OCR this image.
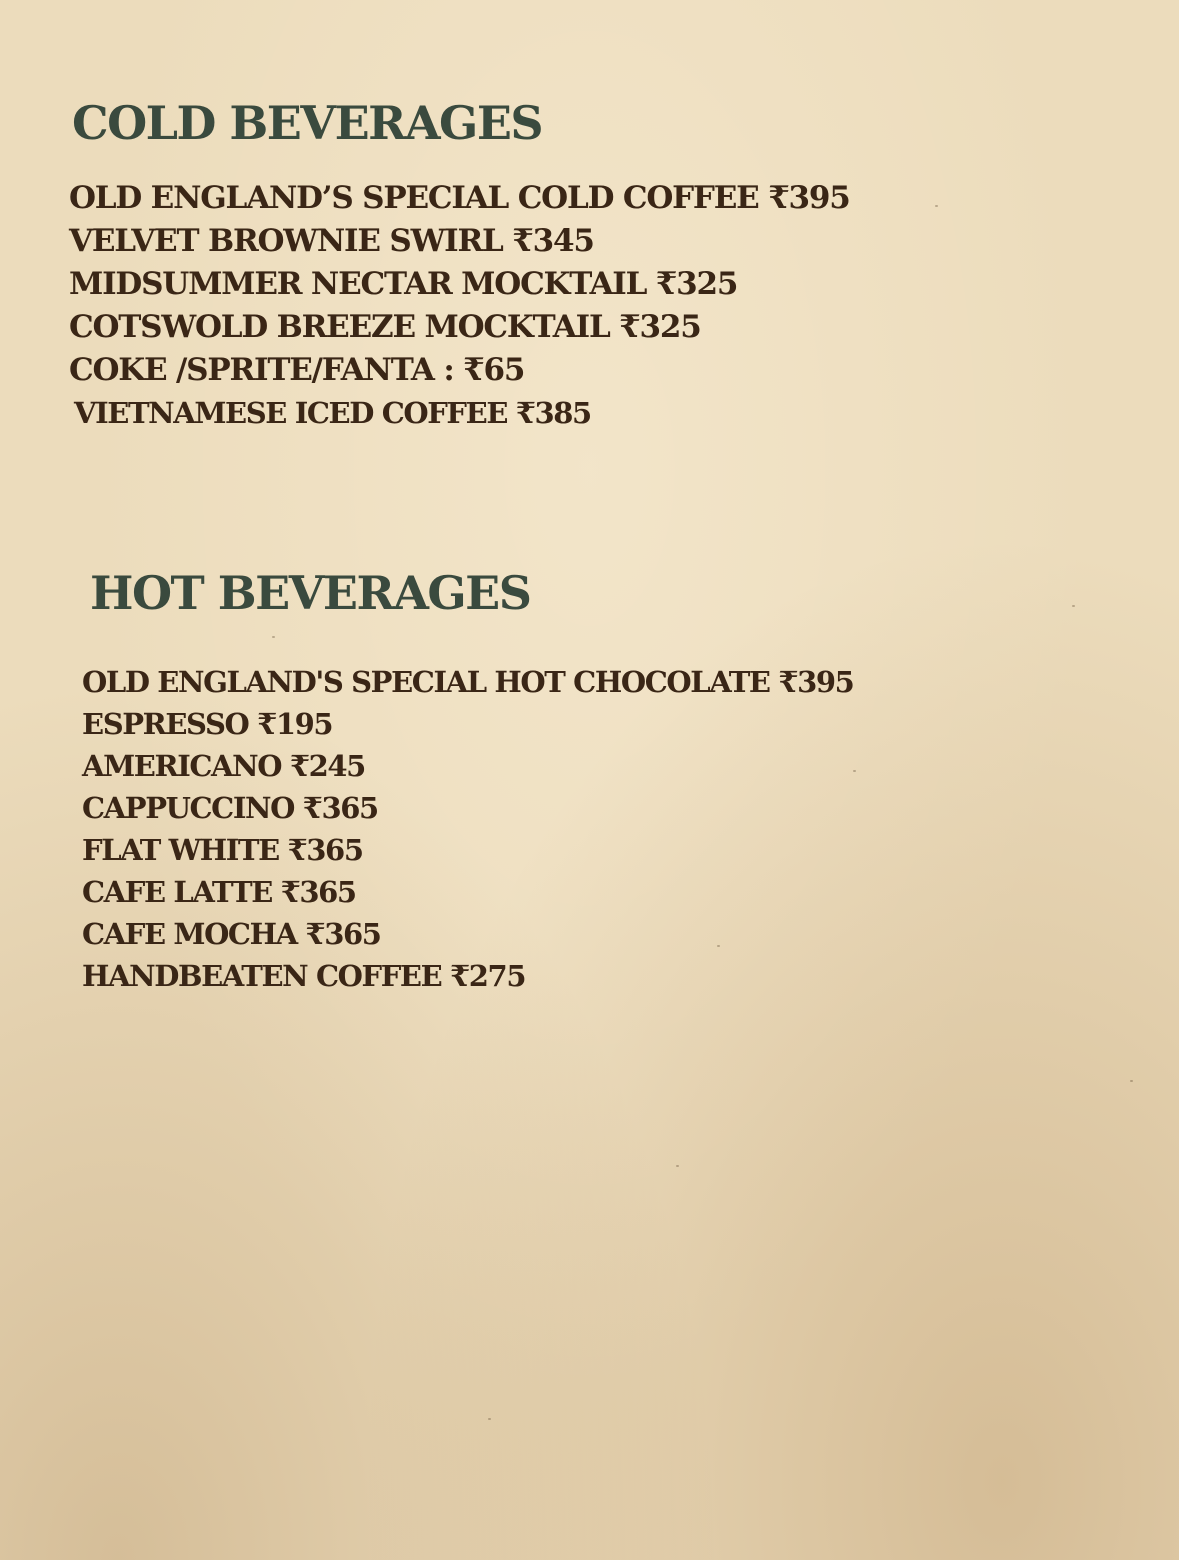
COLD BEVERAGES
OLD ENGLAND’S SPECIAL COLD COFFEE ₹395
VELVET BROWNIE SWIRL ₹345
MIDSUMMER NECTAR MOCKTAIL ₹325
COTSWOLD BREEZE MOCKTAIL ₹325
COKE /SPRITE/FANTA : ₹65
VIETNAMESE ICED COFFEE ₹385
HOT BEVERAGES
OLD ENGLAND'S SPECIAL HOT CHOCOLATE ₹395
ESPRESSO ₹195
AMERICANO ₹245
CAPPUCCINO ₹365
FLAT WHITE ₹365
CAFE LATTE ₹365
CAFE MOCHA ₹365
HANDBEATEN COFFEE ₹275
